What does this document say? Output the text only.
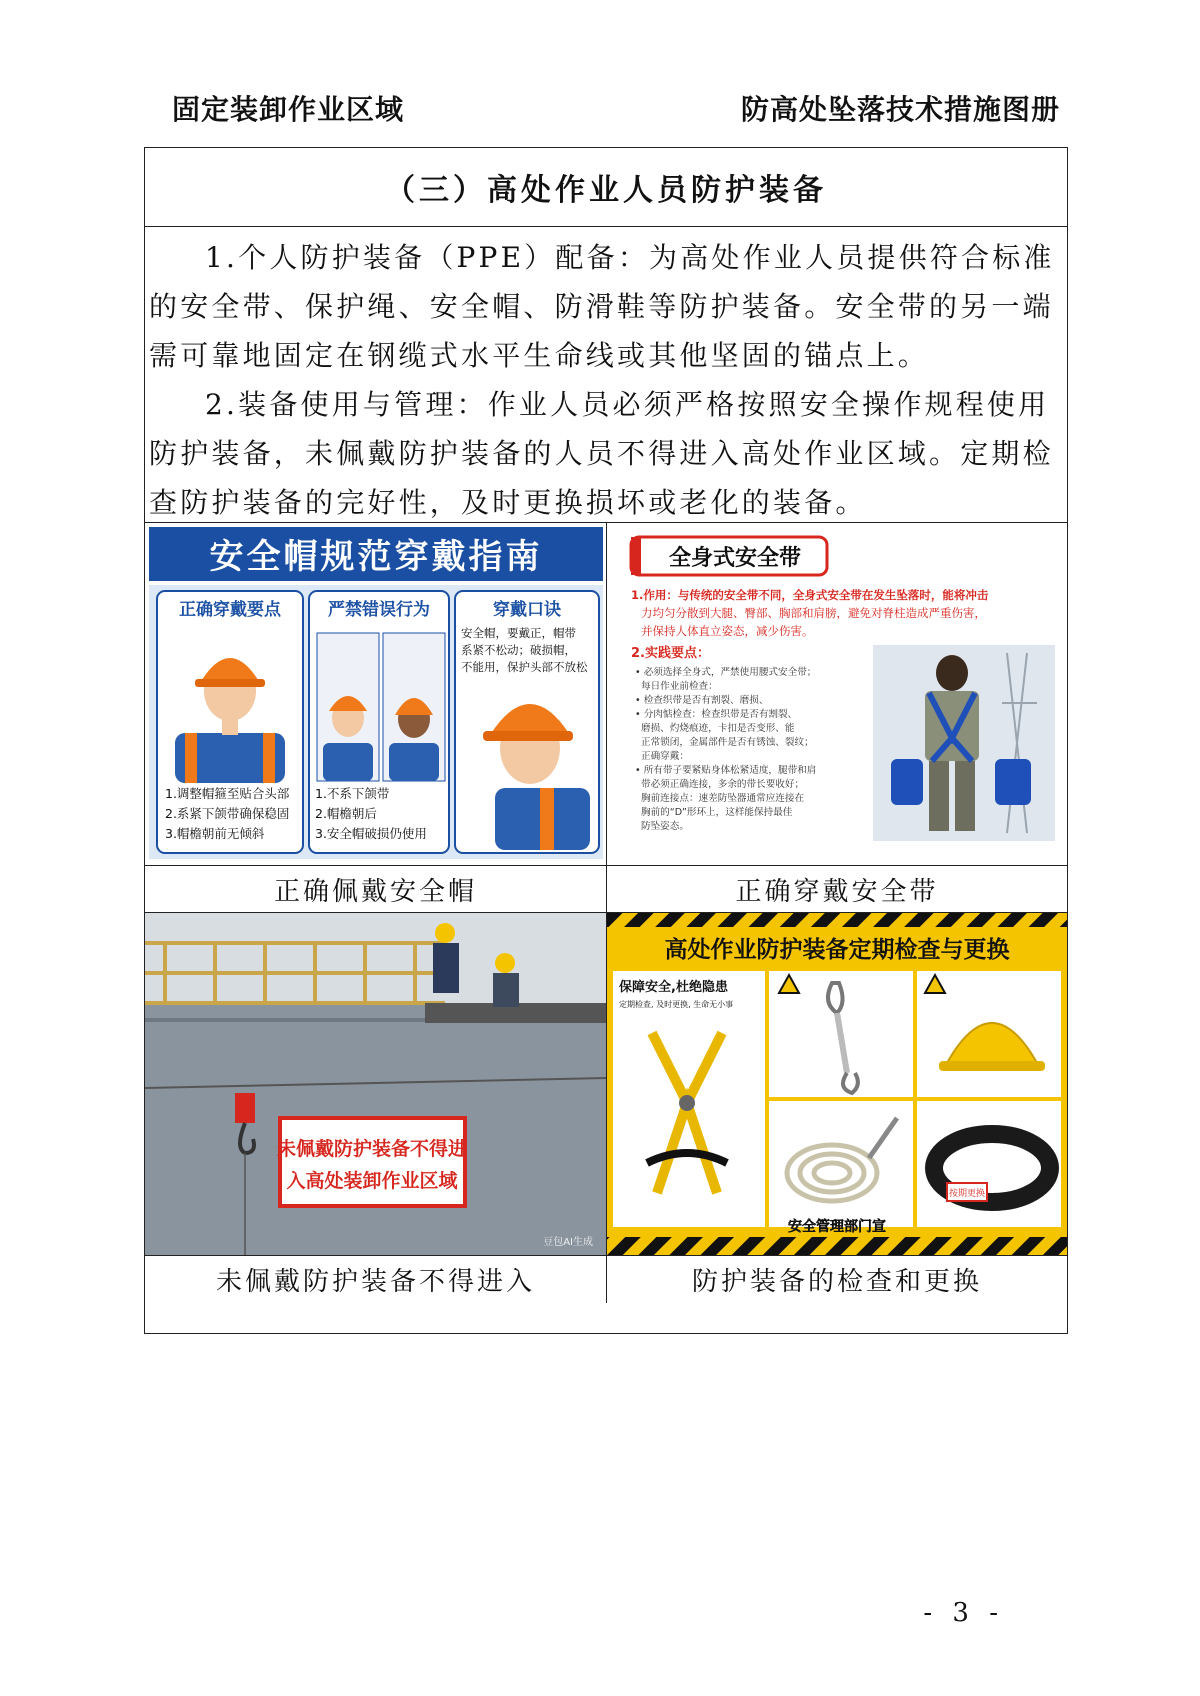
固定装卸作业区域	防高处坠落技术措施图册
（三）高处作业人员防护装备

1.个人防护装备（PPE）配备：为高处作业人员提供符合标准的安全带、保护绳、安全帽、防滑鞋等防护装备。安全带的另一端需可靠地固定在钢缆式水平生命线或其他坚固的锚点上。

2.装备使用与管理：作业人员必须严格按照安全操作规程使用防护装备，未佩戴防护装备的人员不得进入高处作业区域。定期检查防护装备的完好性，及时更换损坏或老化的装备。

安全帽规范穿戴指南
正确穿戴要点
1.调整帽箍至贴合头部
2.系紧下颌带确保稳固
3.帽檐朝前无倾斜
严禁错误行为
1.不系下颌带
2.帽檐朝后
3.安全帽破损仍使用
穿戴口诀
安全帽，要戴正，帽带
系紧不松动；破损帽，
不能用，保护头部不放松
全身式安全带
1.作用：与传统的安全带不同，全身式安全带在发生坠落时，能将冲击
力均匀分散到大腿、臀部、胸部和肩膀，避免对脊柱造成严重伤害，
并保持人体直立姿态，减少伤害。
2.实践要点：
• 必须选择全身式，严禁使用腰式安全带；
每日作业前检查：
• 检查织带是否有割裂、磨损、
• 分肉惦检查：检查织带是否有割裂、
磨损、灼烧痕迹，卡扣是否变形、能
正常锁闭，金属部件是否有锈蚀、裂纹；
正确穿戴：
• 所有带子要紧贴身体松紧适度，腿带和肩
带必须正确连接，多余的带长要收好；
胸前连接点：速差防坠器通常应连接在
胸前的“D”形环上，这样能保持最佳
防坠姿态。
正确佩戴安全帽	正确穿戴安全带
未佩戴防护装备不得进
入高处装卸作业区域
豆包AI生成
高处作业防护装备定期检查与更换
保障安全,杜绝隐患
定期检查, 及时更换, 生命无小事
按期更换
安全管理部门宣
未佩戴防护装备不得进入	防护装备的检查和更换
- 3 -
